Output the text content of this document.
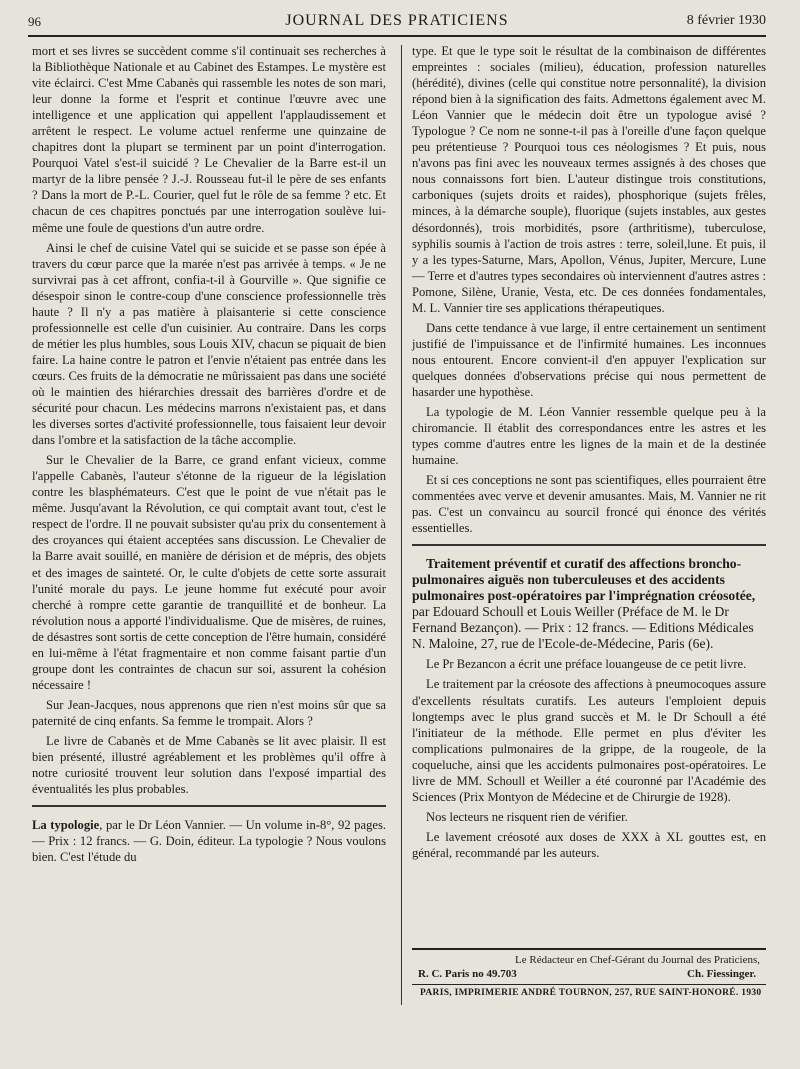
96	JOURNAL DES PRATICIENS	8 février 1930

mort et ses livres se succèdent comme s'il continuait ses recherches à la Bibliothèque Nationale et au Cabinet des Estampes. Le mystère est vite éclairci. C'est Mme Cabanès qui rassemble les notes de son mari, leur donne la forme et l'esprit et continue l'œuvre avec une intelligence et une application qui appellent l'applaudissement et arrêtent le respect. Le volume actuel renferme une quinzaine de chapitres dont la plupart se terminent par un point d'interrogation. Pourquoi Vatel s'est-il suicidé ? Le Chevalier de la Barre est-il un martyr de la libre pensée ? J.-J. Rousseau fut-il le père de ses enfants ? Dans la mort de P.-L. Courier, quel fut le rôle de sa femme ? etc. Et chacun de ces chapitres ponctués par une interrogation soulève lui-même une foule de questions d'un autre ordre.

Ainsi le chef de cuisine Vatel qui se suicide et se passe son épée à travers du cœur parce que la marée n'est pas arrivée à temps. « Je ne survivrai pas à cet affront, confia-t-il à Gourville ». Que signifie ce désespoir sinon le contre-coup d'une conscience professionnelle très haute ? Il n'y a pas matière à plaisanterie si cette conscience professionnelle est celle d'un cuisinier. Au contraire. Dans les corps de métier les plus humbles, sous Louis XIV, chacun se piquait de bien faire. La haine contre le patron et l'envie n'étaient pas entrée dans les cœurs. Ces fruits de la démocratie ne mûrissaient pas dans une société où le maintien des hiérarchies dressait des barrières d'ordre et de sécurité pour chacun. Les médecins marrons n'existaient pas, et dans les diverses sortes d'activité professionnelle, tous faisaient leur devoir dans l'ombre et la satisfaction de la tâche accomplie.

Sur le Chevalier de la Barre, ce grand enfant vicieux, comme l'appelle Cabanès, l'auteur s'étonne de la rigueur de la législation contre les blasphémateurs. C'est que le point de vue n'était pas le même. Jusqu'avant la Révolution, ce qui comptait avant tout, c'est le respect de l'ordre. Il ne pouvait subsister qu'au prix du consentement à des croyances qui étaient acceptées sans discussion. Le Chevalier de la Barre avait souillé, en manière de dérision et de mépris, des objets et des images de sainteté. Or, le culte d'objets de cette sorte assurait l'unité morale du pays. Le jeune homme fut exécuté pour avoir cherché à rompre cette garantie de tranquillité et de bonheur. La révolution nous a apporté l'individualisme. Que de misères, de ruines, de désastres sont sortis de cette conception de l'être humain, considéré en lui-même à l'état fragmentaire et non comme faisant partie d'un groupe dont les contraintes de chacun sur soi, assurent la cohésion nécessaire !

Sur Jean-Jacques, nous apprenons que rien n'est moins sûr que sa paternité de cinq enfants. Sa femme le trompait. Alors ?

Le livre de Cabanès et de Mme Cabanès se lit avec plaisir. Il est bien présenté, illustré agréablement et les problèmes qu'il offre à notre curiosité trouvent leur solution dans l'exposé impartial des éventualités les plus probables.

La typologie, par le Dr Léon Vannier. — Un volume in-8°, 92 pages. — Prix : 12 francs. — G. Doin, éditeur. La typologie ? Nous voulons bien. C'est l'étude du

type. Et que le type soit le résultat de la combinaison de différentes empreintes : sociales (milieu), éducation, profession naturelles (hérédité), divines (celle qui constitue notre personnalité), la division répond bien à la signification des faits. Admettons également avec M. Léon Vannier que le médecin doit être un typologue avisé ? Typologue ? Ce nom ne sonne-t-il pas à l'oreille d'une façon quelque peu prétentieuse ? Pourquoi tous ces néologismes ? Et puis, nous n'avons pas fini avec les nouveaux termes assignés à des choses que nous connaissons fort bien. L'auteur distingue trois constitutions, carboniques (sujets droits et raides), phosphorique (sujets frêles, minces, à la démarche souple), fluorique (sujets instables, aux gestes désordonnés), trois morbidités, psore (arthritisme), tuberculose, syphilis soumis à l'action de trois astres : terre, soleil,lune. Et puis, il y a les types-Saturne, Mars, Apollon, Vénus, Jupiter, Mercure, Lune — Terre et d'autres types secondaires où interviennent d'autres astres : Pomone, Silène, Uranie, Vesta, etc. De ces données fondamentales, M. L. Vannier tire ses applications thérapeutiques.

Dans cette tendance à vue large, il entre certainement un sentiment justifié de l'impuissance et de l'infirmité humaines. Les inconnues nous entourent. Encore convient-il d'en appuyer l'explication sur quelques données d'observations précise qui nous permettent de hasarder une hypothèse.

La typologie de M. Léon Vannier ressemble quelque peu à la chiromancie. Il établit des correspondances entre les astres et les types comme d'autres entre les lignes de la main et de la destinée humaine.

Et si ces conceptions ne sont pas scientifiques, elles pourraient être commentées avec verve et devenir amusantes. Mais, M. Vannier ne rit pas. C'est un convaincu au sourcil froncé qui énonce des vérités essentielles.

Traitement préventif et curatif des affections broncho-pulmonaires aiguës non tuberculeuses et des accidents pulmonaires post-opératoires par l'imprégnation créosotée, par Edouard Schoull et Louis Weiller (Préface de M. le Dr Fernand Bezançon). — Prix : 12 francs. — Editions Médicales N. Maloine, 27, rue de l'Ecole-de-Médecine, Paris (6e).

Le Pr Bezancon a écrit une préface louangeuse de ce petit livre.

Le traitement par la créosote des affections à pneumocoques assure d'excellents résultats curatifs. Les auteurs l'emploient depuis longtemps avec le plus grand succès et M. le Dr Schoull a été l'initiateur de la méthode. Elle permet en plus d'éviter les complications pulmonaires de la grippe, de la rougeole, de la coqueluche, ainsi que les accidents pulmonaires post-opératoires. Le livre de MM. Schoull et Weiller a été couronné par l'Académie des Sciences (Prix Montyon de Médecine et de Chirurgie de 1928).

Nos lecteurs ne risquent rien de vérifier.

Le lavement créosoté aux doses de XXX à XL gouttes est, en général, recommandé par les auteurs.

Le Rédacteur en Chef-Gérant du Journal des Praticiens,
R. C. Paris no 49.703	Ch. Fiessinger.
PARIS, IMPRIMERIE ANDRÉ TOURNON, 257, RUE SAINT-HONORÉ. 1930
